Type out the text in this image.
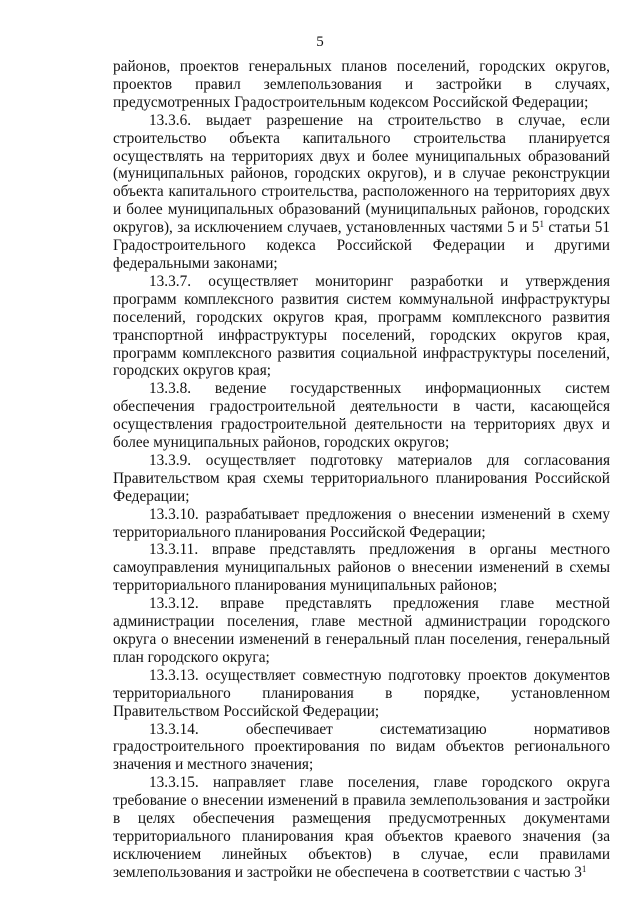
5

районов, проектов генеральных планов поселений, городских округов, проектов правил землепользования и застройки в случаях, предусмотренных Градостроительным кодексом Российской Федерации;

13.3.6. выдает разрешение на строительство в случае, если строительство объекта капитального строительства планируется осуществлять на территориях двух и более муниципальных образований (муниципальных районов, городских округов), и в случае реконструкции объекта капитального строительства, расположенного на территориях двух и более муниципальных образований (муниципальных районов, городских округов), за исключением случаев, установленных частями 5 и $5^1$ статьи 51 Градостроительного кодекса Российской Федерации и другими федеральными законами;

13.3.7. осуществляет мониторинг разработки и утверждения программ комплексного развития систем коммунальной инфраструктуры поселений, городских округов края, программ комплексного развития транспортной инфраструктуры поселений, городских округов края, программ комплексного развития социальной инфраструктуры поселений, городских округов края;

13.3.8. ведение государственных информационных систем обеспечения градостроительной деятельности в части, касающейся осуществления градостроительной деятельности на территориях двух и более муниципальных районов, городских округов;

13.3.9. осуществляет подготовку материалов для согласования Правительством края схемы территориального планирования Российской Федерации;

13.3.10. разрабатывает предложения о внесении изменений в схему территориального планирования Российской Федерации;

13.3.11. вправе представлять предложения в органы местного самоуправления муниципальных районов о внесении изменений в схемы территориального планирования муниципальных районов;

13.3.12. вправе представлять предложения главе местной администрации поселения, главе местной администрации городского округа о внесении изменений в генеральный план поселения, генеральный план городского округа;

13.3.13. осуществляет совместную подготовку проектов документов территориального планирования в порядке, установленном Правительством Российской Федерации;

13.3.14. обеспечивает систематизацию нормативов градостроительного проектирования по видам объектов регионального значения и местного значения;

13.3.15. направляет главе поселения, главе городского округа требование о внесении изменений в правила землепользования и застройки в целях обеспечения размещения предусмотренных документами территориального планирования края объектов краевого значения (за исключением линейных объектов) в случае, если правилами землепользования и застройки не обеспечена в соответствии с частью $3^1$
